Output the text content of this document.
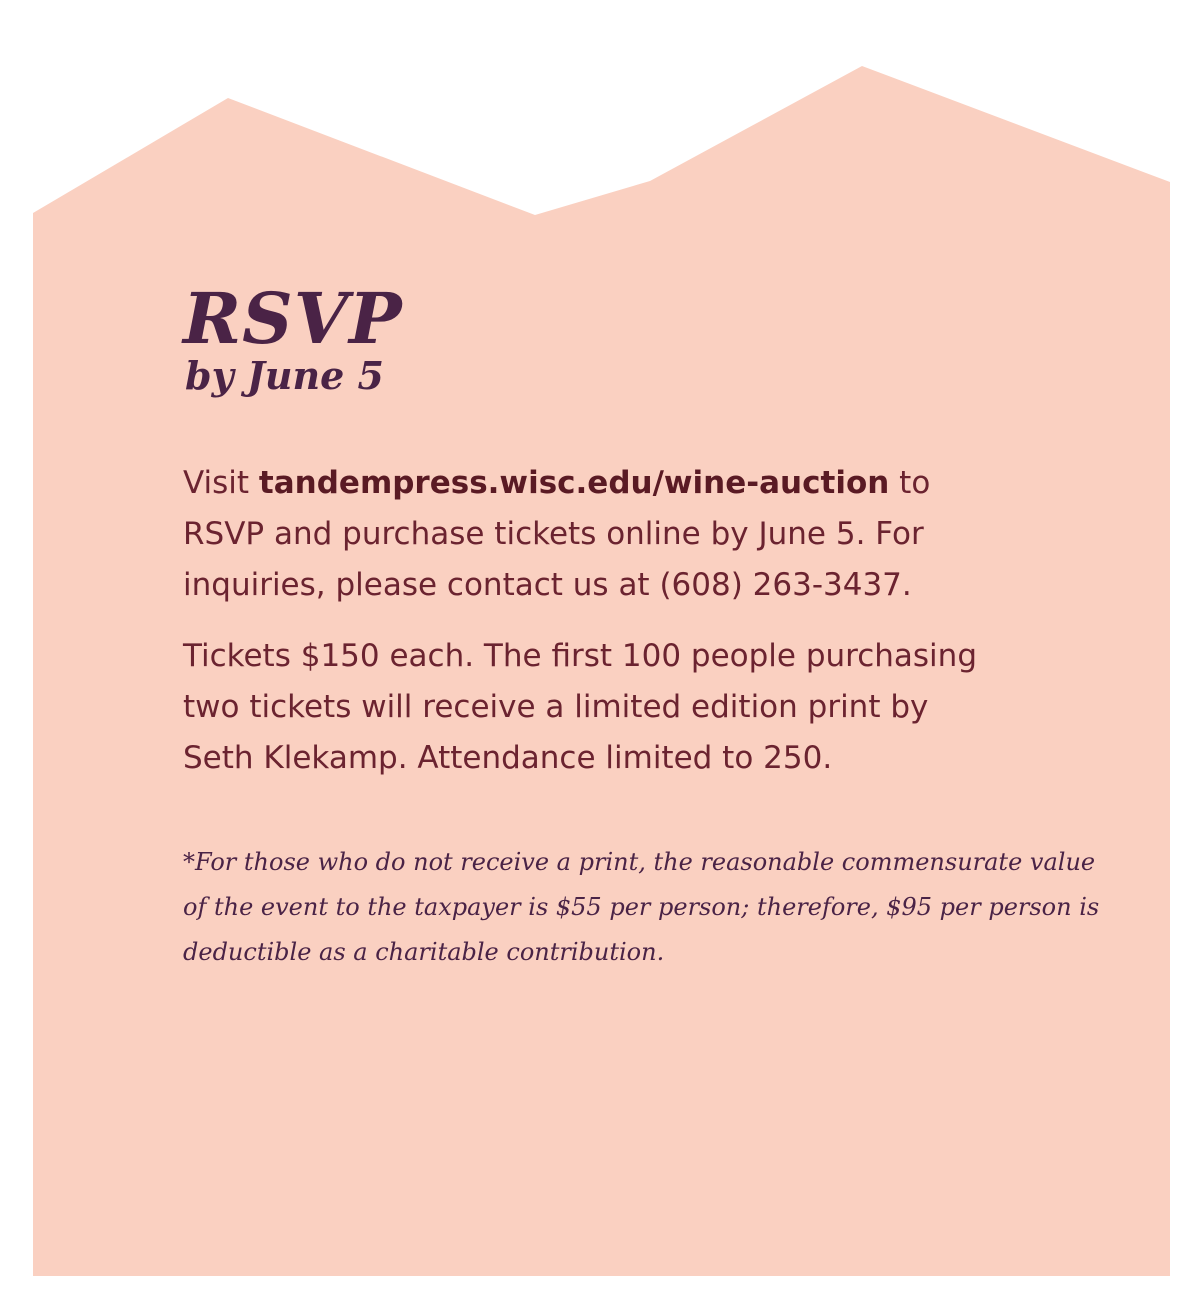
RSVP
by June 5

Visit tandempress.wisc.edu/wine-auction to RSVP and purchase tickets online by June 5. For inquiries, please contact us at (608) 263-3437.

Tickets $150 each. The first 100 people purchasing two tickets will receive a limited edition print by Seth Klekamp. Attendance limited to 250.

*For those who do not receive a print, the reasonable commensurate value of the event to the taxpayer is $55 per person; therefore, $95 per person is deductible as a charitable contribution.
